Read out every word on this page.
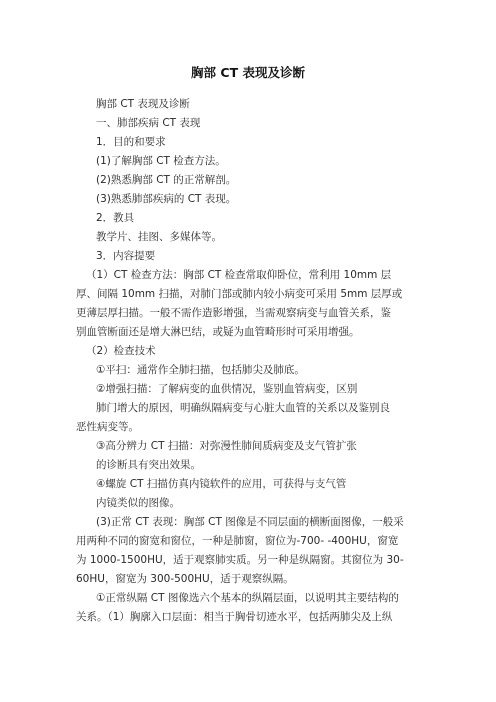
胸部 CT 表现及诊断
胸部 CT 表现及诊断
一、肺部疾病 CT 表现
1．目的和要求
(1)了解胸部 CT 检查方法。
(2)熟悉胸部 CT 的正常解剖。
(3)熟悉肺部疾病的 CT 表现。
2．教具
教学片、挂图、多媒体等。
3．内容提要
（1）CT 检查方法：胸部 CT 检查常取仰卧位，常利用 10mm 层
厚、间隔 10mm 扫描，对肺门部或肺内较小病变可采用 5mm 层厚或
更薄层厚扫描。一般不需作造影增强，当需观察病变与血管关系，鉴
别血管断面还是增大淋巴结，或疑为血管畸形时可采用增强。
（2）检查技术
①平扫：通常作全肺扫描，包括肺尖及肺底。
②增强扫描：了解病变的血供情况，鉴别血管病变，区别
肺门增大的原因，明确纵隔病变与心脏大血管的关系以及鉴别良
恶性病变等。
③高分辨力 CT 扫描：对弥漫性肺间质病变及支气管扩张
的诊断具有突出效果。
④螺旋 CT 扫描仿真内镜软件的应用，可获得与支气管
内镜类似的图像。
(3)正常 CT 表现：胸部 CT 图像是不同层面的横断面图像，一般采
用两种不同的窗宽和窗位，一种是肺窗，窗位为-700- -400HU，窗宽
为 1000-1500HU，适于观察肺实质。另一种是纵隔窗。其窗位为 30-
60HU，窗宽为 300-500HU，适于观察纵隔。
①正常纵隔 CT 图像选六个基本的纵隔层面，以说明其主要结构的
关系。（1）胸廓入口层面：相当于胸骨切迹水平，包括两肺尖及上纵
